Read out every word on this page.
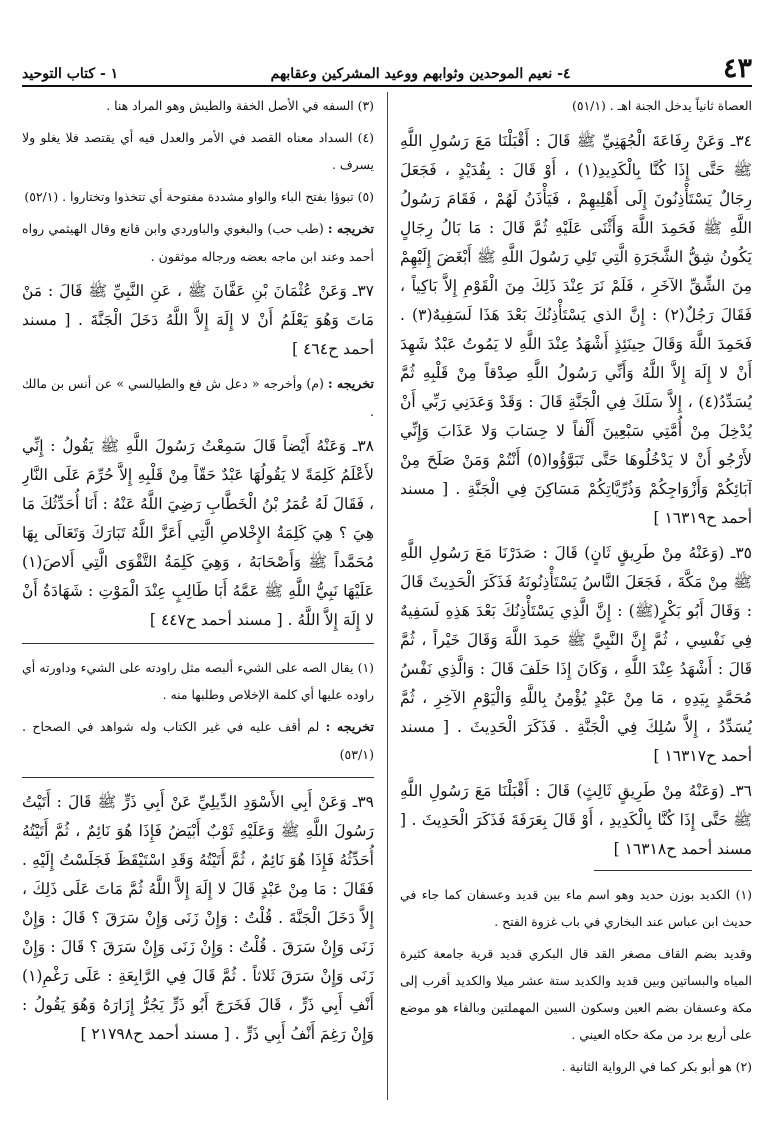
٤٣
٤- نعيم الموحدين وثوابهم ووعيد المشركين وعقابهم
١ - كتاب التوحيد

العصاة ثانياً يدخل الجنة اهـ . (٥١/١)

٣٤ـ وَعَنْ رِفَاعَةَ الْجُهَنِيِّ ﷺ قَالَ : أَقْبَلْنَا مَعَ رَسُولِ اللَّهِ ﷺ حَتَّى إِذَا كُنَّا بِالْكَدِيدِ(١) ، أَوْ قَالَ : بِقُدَيْدٍ ، فَجَعَلَ رِجَالٌ يَسْتَأْذِنُونَ إِلَى أَهْلِيهِمْ ، فَيَأْذَنُ لَهُمْ ، فَقَامَ رَسُولُ اللَّهِ ﷺ فَحَمِدَ اللَّهَ وَأَثْنَى عَلَيْهِ ثُمَّ قَالَ : مَا بَالُ رِجَالٍ يَكُونُ شِقُّ الشَّجَرَةِ الَّتِي تَلِي رَسُولَ اللَّهِ ﷺ أَبْغَضَ إِلَيْهِمْ مِنَ الشِّقِّ الآخَرِ ، فَلَمْ نَرَ عِنْدَ ذَلِكَ مِنَ الْقَوْمِ إِلاَّ بَاكِياً ، فَقَالَ رَجُلٌ(٢) : إِنَّ الذي يَسْتَأْذِنُكَ بَعْدَ هَذَا لَسَفِيهٌ(٣) . فَحَمِدَ اللَّهَ وَقَالَ حِينَئِذٍ أَشْهَدُ عِنْدَ اللَّهِ لا يَمُوتُ عَبْدٌ شَهِدَ أَنْ لا إِلَهَ إِلاَّ اللَّهُ وَأَنِّي رَسُولُ اللَّهِ صِدْقاً مِنْ قَلْبِهِ ثُمَّ يُسَدِّدُ(٤) ، إِلاَّ سَلَكَ فِي الْجَنَّةِ قَالَ : وَقَدْ وَعَدَنِي رَبِّي أَنْ يُدْخِلَ مِنْ أُمَّتِي سَبْعِينَ أَلْفاً لا حِسَابَ وَلا عَذَابَ وَإِنِّي لأَرْجُو أَنْ لا يَدْخُلُوهَا حَتَّى تَبَوَّؤُوا(٥) أَنْتُمْ وَمَنْ صَلَحَ مِنْ آبَائِكُمْ وَأَزْوَاجِكُمْ وَذُرِّيَّاتِكُمْ مَسَاكِنَ فِي الْجَنَّةِ . [ مسند أحمد ح١٦٣١٩ ]

٣٥ـ (وَعَنْهُ مِنْ طَرِيقٍ ثَانٍ) قَالَ : صَدَرْنَا مَعَ رَسُولِ اللَّهِ ﷺ مِنْ مَكَّةَ ، فَجَعَلَ النَّاسُ يَسْتَأْذِنُونَهُ فَذَكَرَ الْحَدِيثَ قَالَ : وَقَالَ أَبُو بَكْرٍ(ﷺ) : إِنَّ الَّذِي يَسْتَأْذِنُكَ بَعْدَ هَذِهِ لَسَفِيهٌ فِي نَفْسِي ، ثُمَّ إِنَّ النَّبِيَّ ﷺ حَمِدَ اللَّهَ وَقَالَ خَيْراً ، ثُمَّ قَالَ : أَشْهَدُ عِنْدَ اللَّهِ ، وَكَانَ إِذَا حَلَفَ قَالَ : وَالَّذِي نَفْسُ مُحَمَّدٍ بِيَدِهِ ، مَا مِنْ عَبْدٍ يُؤْمِنُ بِاللَّهِ وَالْيَوْمِ الآخِرِ ، ثُمَّ يُسَدِّدُ ، إِلاَّ سُلِكَ فِي الْجَنَّةِ . فَذَكَرَ الْحَدِيثَ . [ مسند أحمد ح١٦٣١٧ ]

٣٦ـ (وَعَنْهُ مِنْ طَرِيقٍ ثَالِثٍ) قَالَ : أَقْبَلْنَا مَعَ رَسُولِ اللَّهِ ﷺ حَتَّى إِذَا كُنَّا بِالْكَدِيدِ ، أَوْ قَالَ بِعَرَفَةَ فَذَكَرَ الْحَدِيثَ . [ مسند أحمد ح١٦٣١٨ ]

(١) الكديد بوزن حديد وهو اسم ماء بين قديد وعسفان كما جاء في حديث ابن عباس عند البخاري في باب غزوة الفتح .

وقديد بضم القاف مصغر القد قال البكري قديد قرية جامعة كثيرة المياه والبساتين وبين قديد والكديد ستة عشر ميلا والكديد أقرب إلى مكة وعسفان بضم العين وسكون السين المهملتين وبالفاء هو موضع على أربع برد من مكة حكاه العيني .

(٢) هو أبو بكر كما في الرواية الثانية .

(٣) السفه في الأصل الخفة والطيش وهو المراد هنا .

(٤) السداد معناه القصد في الأمر والعدل فيه أي يقتصد فلا يغلو ولا يسرف .

(٥) تبوؤا بفتح الباء والواو مشددة مفتوحة أي تتخذوا وتختاروا . (٥٢/١)

تخريجه : (طب حب) والبغوي والباوردي وابن قانع وقال الهيثمي رواه أحمد وعند ابن ماجه بعضه ورجاله موثقون .

٣٧ـ وَعَنْ عُثْمَانَ بْنِ عَفَّانَ ﷺ ، عَنِ النَّبِيِّ ﷺ قَالَ : مَنْ مَاتَ وَهُوَ يَعْلَمُ أَنْ لا إِلَهَ إِلاَّ اللَّهُ دَخَلَ الْجَنَّةَ . [ مسند أحمد ح٤٦٤ ]

تخريجه : (م) وأخرجه « دعل ش فع والطيالسي » عن أنس بن مالك .

٣٨ـ وَعَنْهُ أَيْضاً قَالَ سَمِعْتُ رَسُولَ اللَّهِ ﷺ يَقُولُ : إِنِّي لأَعْلَمُ كَلِمَةً لا يَقُولُهَا عَبْدٌ حَقّاً مِنْ قَلْبِهِ إِلاَّ حُرِّمَ عَلَى النَّارِ ، فَقَالَ لَهُ عُمَرُ بْنُ الْخَطَّابِ رَضِيَ اللَّهُ عَنْهُ : أَنَا أُحَدِّثُكَ مَا هِيَ ؟ هِيَ كَلِمَةُ الإِخْلاصِ الَّتِي أَعَزَّ اللَّهُ تَبَارَكَ وَتَعَالَى بِهَا مُحَمَّداً ﷺ وَأَصْحَابَهُ ، وَهِيَ كَلِمَةُ التَّقْوَى الَّتِي أَلاصَ(١) عَلَيْهَا نَبِيُّ اللَّهِ ﷺ عَمَّهُ أَبَا طَالِبٍ عِنْدَ الْمَوْتِ : شَهَادَةُ أَنْ لا إِلَهَ إِلاَّ اللَّهُ . [ مسند أحمد ح٤٤٧ ]

(١) يقال الصه على الشيء ألبصه مثل راودته على الشيء وداورته أي راوده عليها أي كلمة الإخلاص وطلبها منه .

تخريجه : لم أقف عليه في غير الكتاب وله شواهد في الصحاح . (٥٣/١)

٣٩ـ وَعَنْ أَبِي الأَسْوَدِ الدِّيلِيِّ عَنْ أَبِي ذَرٍّ ﷺ قَالَ : أَتَيْتُ رَسُولَ اللَّهِ ﷺ وَعَلَيْهِ ثَوْبٌ أَبْيَضُ فَإِذَا هُوَ نَائِمٌ ، ثُمَّ أَتَيْتُهُ أُحَدِّثُهُ فَإِذَا هُوَ نَائِمٌ ، ثُمَّ أَتَيْتُهُ وَقَدِ اسْتَيْقَظَ فَجَلَسْتُ إِلَيْهِ . فَقَالَ : مَا مِنْ عَبْدٍ قَالَ لا إِلَهَ إِلاَّ اللَّهُ ثُمَّ مَاتَ عَلَى ذَلِكَ ، إِلاَّ دَخَلَ الْجَنَّةَ . قُلْتُ : وَإِنْ زَنَى وَإِنْ سَرَقَ ؟ قَالَ : وَإِنْ زَنَى وَإِنْ سَرَقَ . قُلْتُ : وَإِنْ زَنَى وَإِنْ سَرَقَ ؟ قَالَ : وَإِنْ زَنَى وَإِنْ سَرَقَ ثَلاثاً . ثُمَّ قَالَ فِي الرَّابِعَةِ : عَلَى رَغْمِ(١) أَنْفِ أَبِي ذَرٍّ ، قَالَ فَخَرَجَ أَبُو ذَرٍّ يَجُرُّ إِزَارَهُ وَهُوَ يَقُولُ : وَإِنْ رَغِمَ أَنْفُ أَبِي ذَرٍّ . [ مسند أحمد ح٢١٧٩٨ ]
